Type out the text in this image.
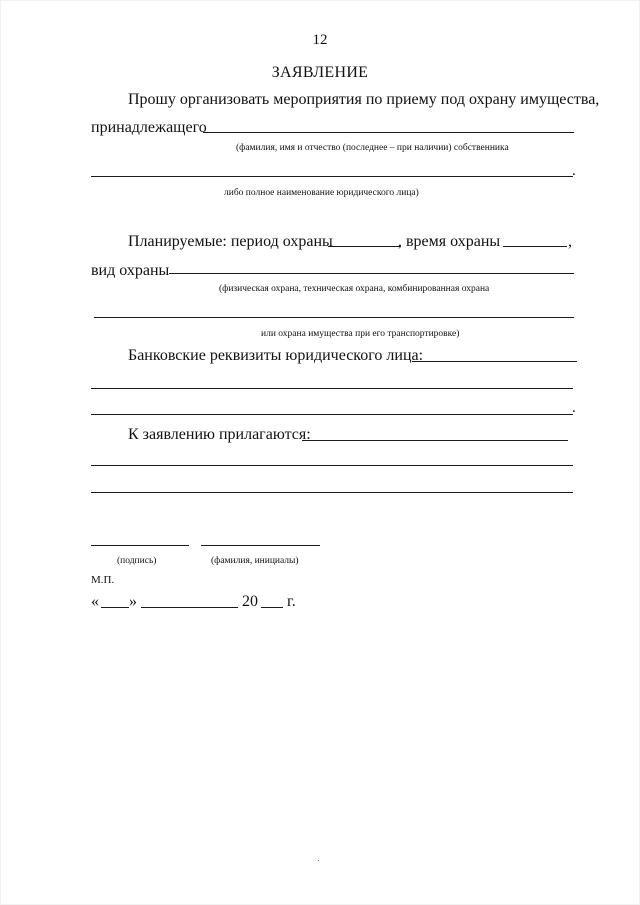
12
ЗАЯВЛЕНИЕ
Прошу организовать мероприятия по приему под охрану имущества,
принадлежащего
(фамилия, имя и отчество (последнее – при наличии) собственника
.
либо полное наименование юридического лица)
Планируемые: период охраны	, время охраны	,
вид охраны
(физическая охрана, техническая охрана, комбинированная охрана
или охрана имущества при его транспортировке)
Банковские реквизиты юридического лица:
.
К заявлению прилагаются:
(подпись)	(фамилия, инициалы)
М.П.
« »	20 г.
